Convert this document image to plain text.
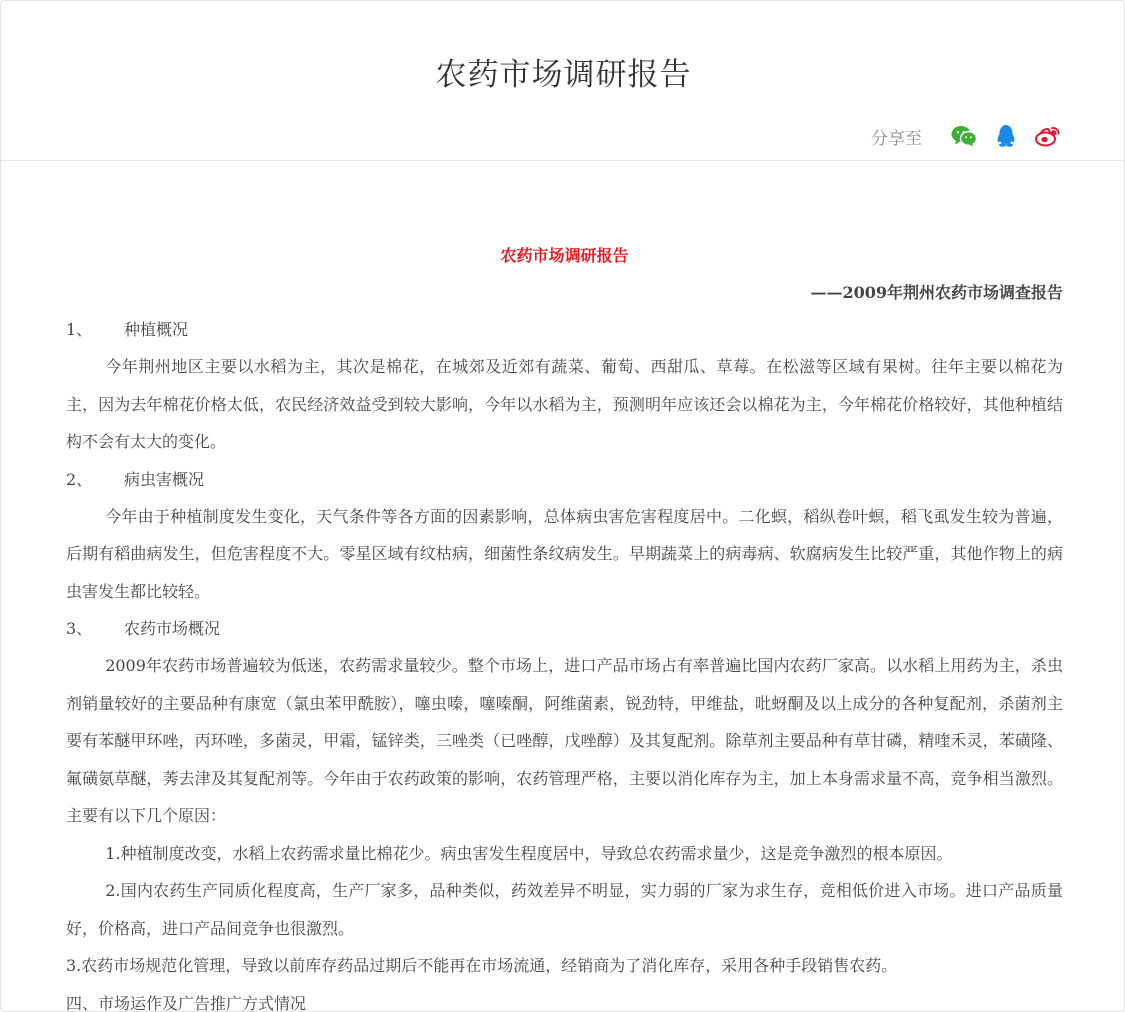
农药市场调研报告
分享至

农药市场调研报告

——2009年荆州农药市场调查报告

1、	种植概况

今年荆州地区主要以水稻为主，其次是棉花，在城郊及近郊有蔬菜、葡萄、西甜瓜、草莓。在松滋等区域有果树。往年主要以棉花为主，因为去年棉花价格太低，农民经济效益受到较大影响，今年以水稻为主，预测明年应该还会以棉花为主，今年棉花价格较好，其他种植结构不会有太大的变化。

2、	病虫害概况

今年由于种植制度发生变化，天气条件等各方面的因素影响，总体病虫害危害程度居中。二化螟，稻纵卷叶螟，稻飞虱发生较为普遍，后期有稻曲病发生，但危害程度不大。零星区域有纹枯病，细菌性条纹病发生。早期蔬菜上的病毒病、软腐病发生比较严重，其他作物上的病虫害发生都比较轻。

3、	农药市场概况

2009年农药市场普遍较为低迷，农药需求量较少。整个市场上，进口产品市场占有率普遍比国内农药厂家高。以水稻上用药为主，杀虫剂销量较好的主要品种有康宽（氯虫苯甲酰胺），噻虫嗪，噻嗪酮，阿维菌素，锐劲特，甲维盐，吡蚜酮及以上成分的各种复配剂，杀菌剂主要有苯醚甲环唑，丙环唑，多菌灵，甲霜，锰锌类，三唑类（已唑醇，戊唑醇）及其复配剂。除草剂主要品种有草甘磷，精喹禾灵，苯磺隆、氟磺氨草醚，莠去津及其复配剂等。今年由于农药政策的影响，农药管理严格，主要以消化库存为主，加上本身需求量不高，竞争相当激烈。主要有以下几个原因：

1.种植制度改变，水稻上农药需求量比棉花少。病虫害发生程度居中，导致总农药需求量少，这是竞争激烈的根本原因。

2.国内农药生产同质化程度高，生产厂家多，品种类似，药效差异不明显，实力弱的厂家为求生存，竞相低价进入市场。进口产品质量好，价格高，进口产品间竞争也很激烈。

3.农药市场规范化管理，导致以前库存药品过期后不能再在市场流通，经销商为了消化库存，采用各种手段销售农药。

四、市场运作及广告推广方式情况
